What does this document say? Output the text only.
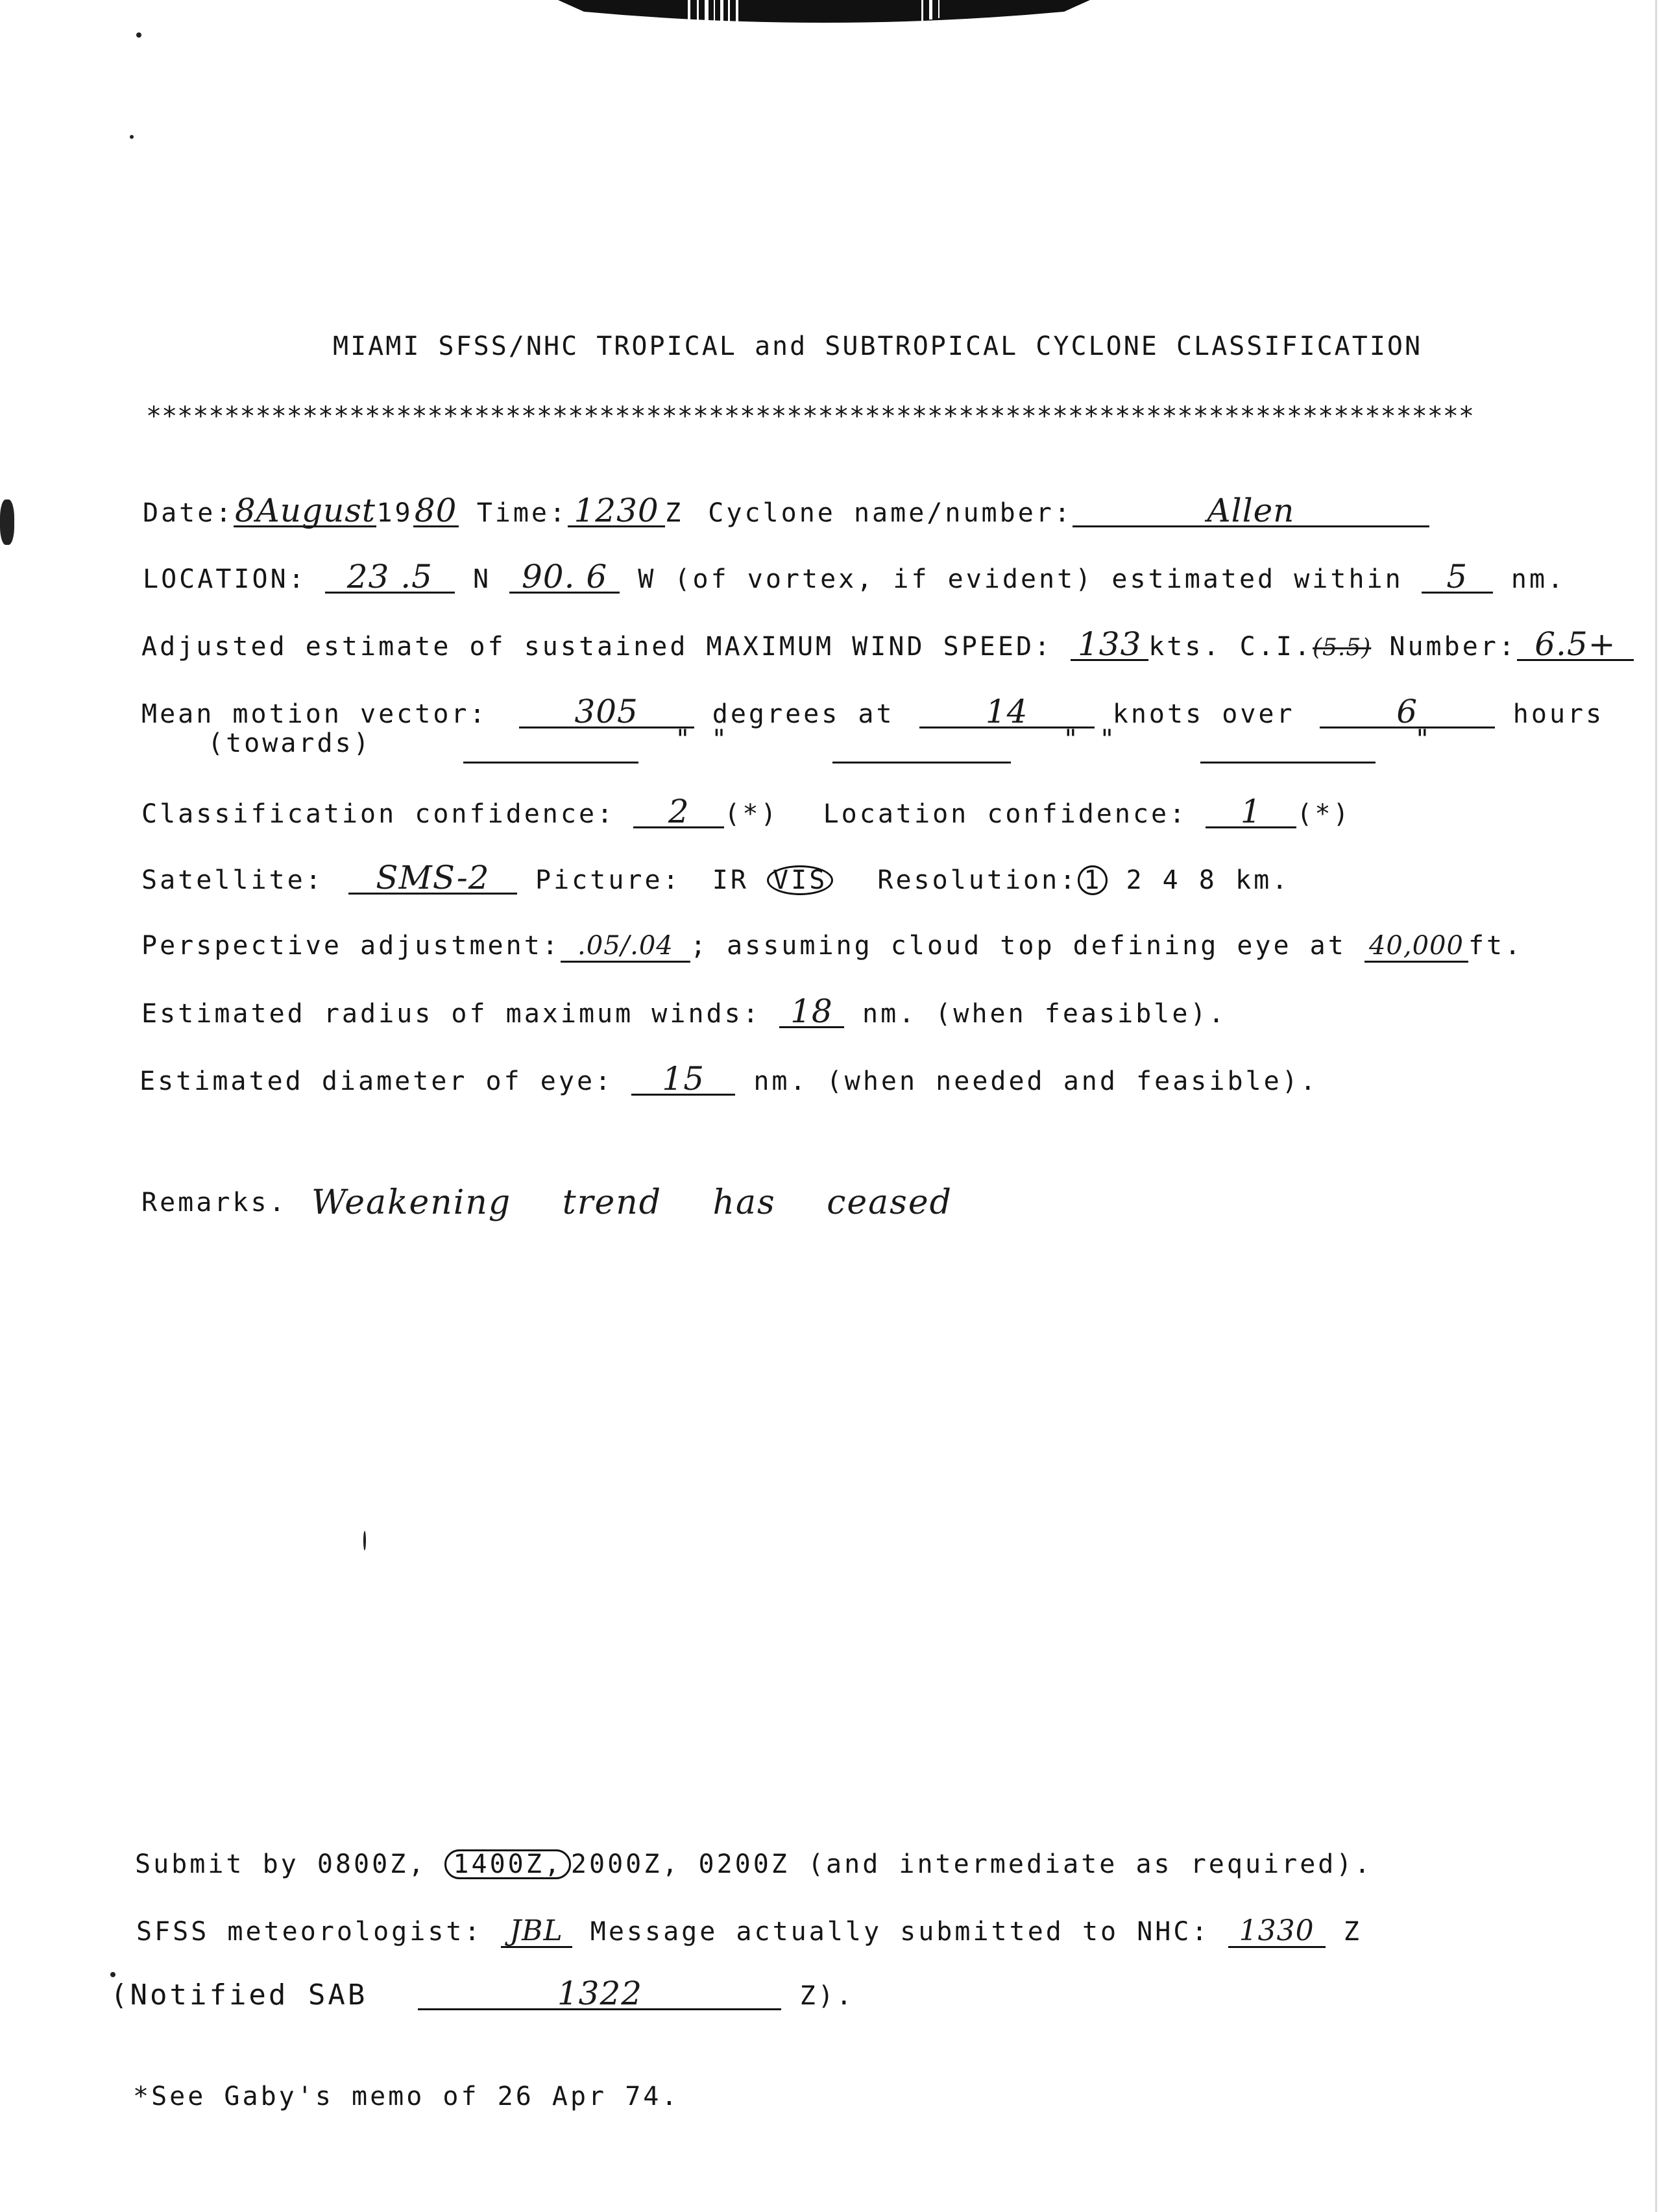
MIAMI SFSS/NHC TROPICAL and SUBTROPICAL CYCLONE CLASSIFICATION
*************************************************************************************
Date:8August1980 Time: 1230 Z Cyclone name/number:	Allen
LOCATION: 23 .5 N 90. 6 W (of vortex, if evident) estimated within 5 nm.
Adjusted estimate of sustained MAXIMUM WIND SPEED: 133 kts. C.I.(5.5) Number: 6.5+
Mean motion vector:	305	degrees at	14	knots over	6	hours
(towards)	" "	" "	"
Classification confidence: 2 (*) Location confidence: 1 (*)
Satellite: SMS-2 Picture: IR VIS Resolution: 1 2 4 8 km.
Perspective adjustment: .05/.04 ; assuming cloud top defining eye at 40,000 ft.
Estimated radius of maximum winds: 18 nm. (when feasible).
Estimated diameter of eye: 15 nm. (when needed and feasible).
Remarks. Weakening trend has ceased
Submit by 0800Z, 1400Z, 2000Z, 0200Z (and intermediate as required).
SFSS meteorologist: JBL Message actually submitted to NHC: 1330 Z
(Notified SAB	1322	Z).
*See Gaby's memo of 26 Apr 74.
